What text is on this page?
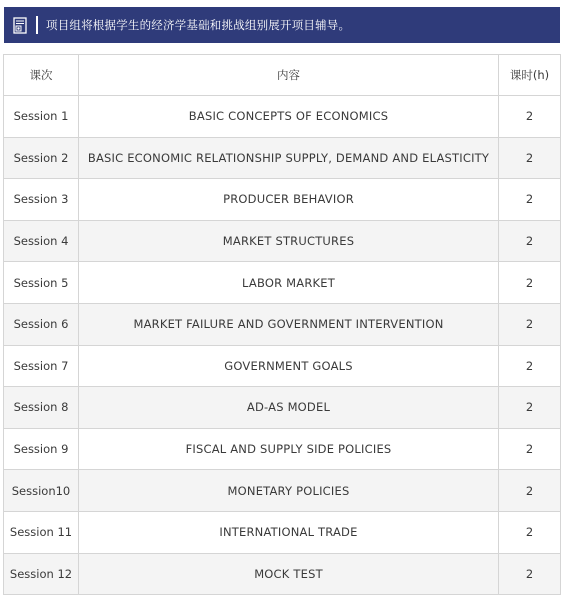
项目组将根据学生的经济学基础和挑战组别展开项目辅导。
课次	内容	课时(h)
Session 1	BASIC CONCEPTS OF ECONOMICS	2
Session 2	BASIC ECONOMIC RELATIONSHIP SUPPLY, DEMAND AND ELASTICITY	2
Session 3	PRODUCER BEHAVIOR	2
Session 4	MARKET STRUCTURES	2
Session 5	LABOR MARKET	2
Session 6	MARKET FAILURE AND GOVERNMENT INTERVENTION	2
Session 7	GOVERNMENT GOALS	2
Session 8	AD-AS MODEL	2
Session 9	FISCAL AND SUPPLY SIDE POLICIES	2
Session10	MONETARY POLICIES	2
Session 11	INTERNATIONAL TRADE	2
Session 12	MOCK TEST	2
